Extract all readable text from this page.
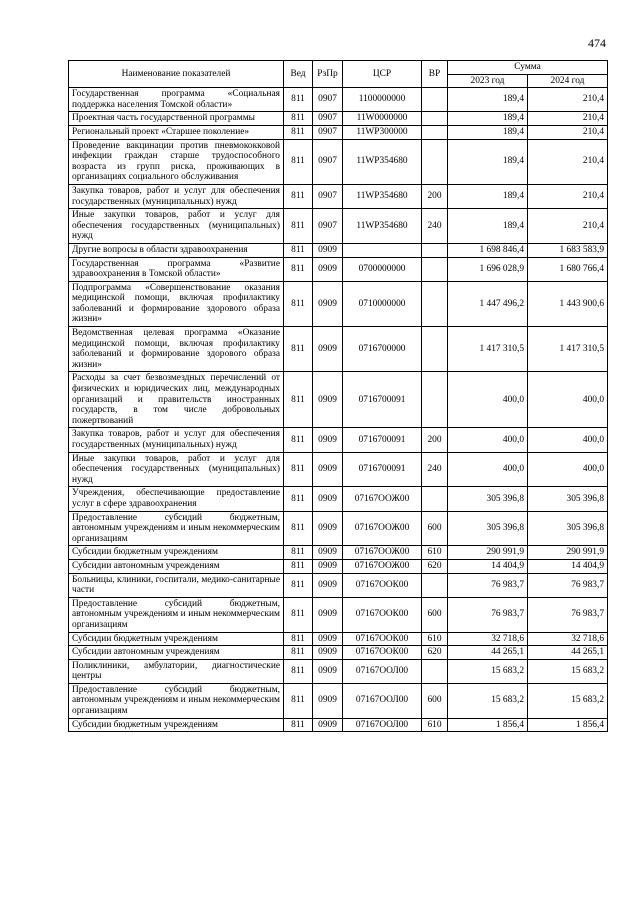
474
Наименование показателей	Вед	РзПр	ЦСР	ВР	Сумма	
					2023 год	2024 год
Государственная программа «Социальная поддержка населения Томской области»	811	0907	1100000000		189,4	210,4
Проектная часть государственной программы	811	0907	11W0000000		189,4	210,4
Региональный проект «Старшее поколение»	811	0907	11WP300000		189,4	210,4
Проведение вакцинации против пневмококковой инфекции граждан старше трудоспособного возраста из групп риска, проживающих в организациях социального обслуживания	811	0907	11WP354680		189,4	210,4
Закупка товаров, работ и услуг для обеспечения государственных (муниципальных) нужд	811	0907	11WP354680	200	189,4	210,4
Иные закупки товаров, работ и услуг для обеспечения государственных (муниципальных) нужд	811	0907	11WP354680	240	189,4	210,4
Другие вопросы в области здравоохранения	811	0909			1 698 846,4	1 683 583,9
Государственная программа «Развитие здравоохранения в Томской области»	811	0909	0700000000		1 696 028,9	1 680 766,4
Подпрограмма «Совершенствование оказания медицинской помощи, включая профилактику заболеваний и формирование здорового образа жизни»	811	0909	0710000000		1 447 496,2	1 443 900,6
Ведомственная целевая программа «Оказание медицинской помощи, включая профилактику заболеваний и формирование здорового образа жизни»	811	0909	0716700000		1 417 310,5	1 417 310,5
Расходы за счет безвозмездных перечислений от физических и юридических лиц, международных организаций и правительств иностранных государств, в том числе добровольных пожертвований	811	0909	0716700091		400,0	400,0
Закупка товаров, работ и услуг для обеспечения государственных (муниципальных) нужд	811	0909	0716700091	200	400,0	400,0
Иные закупки товаров, работ и услуг для обеспечения государственных (муниципальных) нужд	811	0909	0716700091	240	400,0	400,0
Учреждения, обеспечивающие предоставление услуг в сфере здравоохранения	811	0909	07167ООЖ00		305 396,8	305 396,8
Предоставление субсидий бюджетным, автономным учреждениям и иным некоммерческим организациям	811	0909	07167ООЖ00	600	305 396,8	305 396,8
Субсидии бюджетным учреждениям	811	0909	07167ООЖ00	610	290 991,9	290 991,9
Субсидии автономным учреждениям	811	0909	07167ООЖ00	620	14 404,9	14 404,9
Больницы, клиники, госпитали, медико-санитарные части	811	0909	07167ООК00		76 983,7	76 983,7
Предоставление субсидий бюджетным, автономным учреждениям и иным некоммерческим организациям	811	0909	07167ООК00	600	76 983,7	76 983,7
Субсидии бюджетным учреждениям	811	0909	07167ООК00	610	32 718,6	32 718,6
Субсидии автономным учреждениям	811	0909	07167ООК00	620	44 265,1	44 265,1
Поликлиники, амбулатории, диагностические центры	811	0909	07167ООЛ00		15 683,2	15 683,2
Предоставление субсидий бюджетным, автономным учреждениям и иным некоммерческим организациям	811	0909	07167ООЛ00	600	15 683,2	15 683,2
Субсидии бюджетным учреждениям	811	0909	07167ООЛ00	610	1 856,4	1 856,4
